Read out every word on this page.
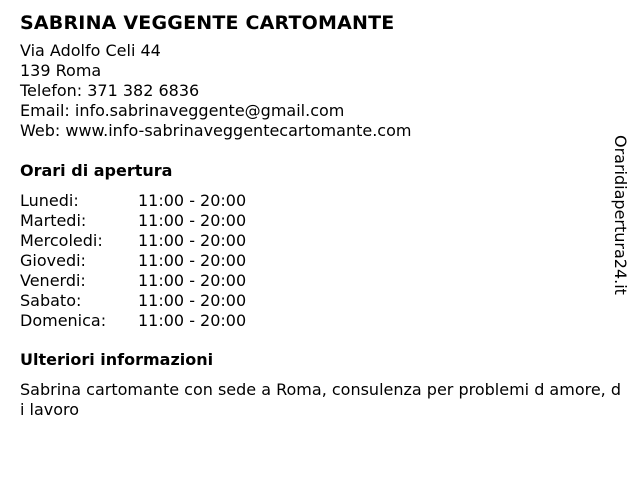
SABRINA VEGGENTE CARTOMANTE
Via Adolfo Celi 44
139 Roma
Telefon: 371 382 6836
Email: info.sabrinaveggente@gmail.com
Web: www.info-sabrinaveggentecartomante.com
Orari di apertura
Lunedi:	11:00 - 20:00
Martedi:	11:00 - 20:00
Mercoledi:	11:00 - 20:00
Giovedi:	11:00 - 20:00
Venerdi:	11:00 - 20:00
Sabato:	11:00 - 20:00
Domenica:	11:00 - 20:00
Ulteriori informazioni
Sabrina cartomante con sede a Roma, consulenza per problemi d amore, di lavoro
Oraridiapertura24.it
